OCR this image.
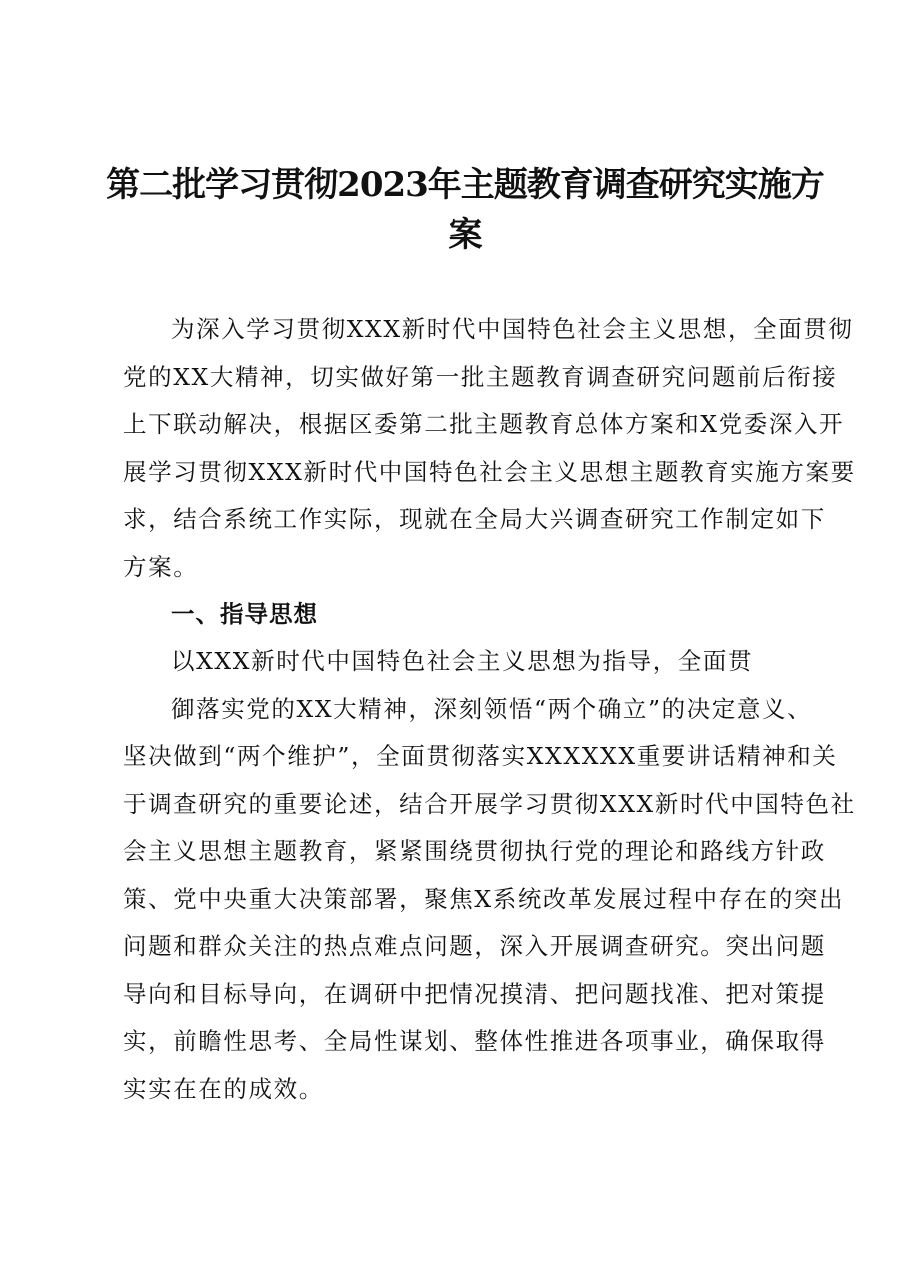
第二批学习贯彻2023年主题教育调查研究实施方
案
为深入学习贯彻XXX新时代中国特色社会主义思想，全面贯彻
党的XX大精神，切实做好第一批主题教育调查研究问题前后衔接
上下联动解决，根据区委第二批主题教育总体方案和X党委深入开
展学习贯彻XXX新时代中国特色社会主义思想主题教育实施方案要
求，结合系统工作实际，现就在全局大兴调查研究工作制定如下
方案。
一、指导思想
以XXX新时代中国特色社会主义思想为指导，全面贯
御落实党的XX大精神，深刻领悟“两个确立”的决定意义、
坚决做到“两个维护”，全面贯彻落实XXXXXX重要讲话精神和关
于调查研究的重要论述，结合开展学习贯彻XXX新时代中国特色社
会主义思想主题教育，紧紧围绕贯彻执行党的理论和路线方针政
策、党中央重大决策部署，聚焦X系统改革发展过程中存在的突出
问题和群众关注的热点难点问题，深入开展调查研究。突出问题
导向和目标导向，在调研中把情况摸清、把问题找准、把对策提
实，前瞻性思考、全局性谋划、整体性推进各项事业，确保取得
实实在在的成效。
